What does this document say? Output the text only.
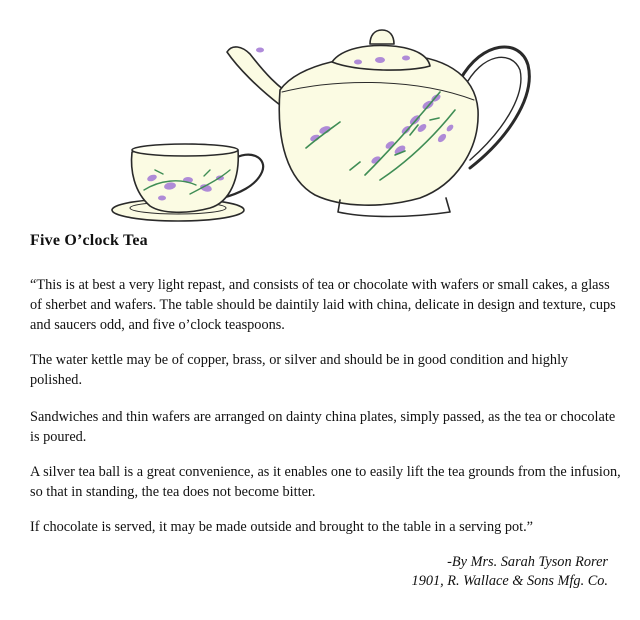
Five O’clock Tea

“This is at best a very light repast, and consists of tea or chocolate with wafers or small cakes, a glass of sherbet and wafers. The table should be daintily laid with china, delicate in design and texture, cups and saucers odd, and five o’clock teaspoons.

The water kettle may be of copper, brass, or silver and should be in good condition and highly polished.

Sandwiches and thin wafers are arranged on dainty china plates, simply passed, as the tea or chocolate is poured.

A silver tea ball is a great convenience, as it enables one to easily lift the tea grounds from the infusion, so that in standing, the tea does not become bitter.

If chocolate is served, it may be made outside and brought to the table in a serving pot.”

-By Mrs. Sarah Tyson Rorer
1901, R. Wallace & Sons Mfg. Co.
